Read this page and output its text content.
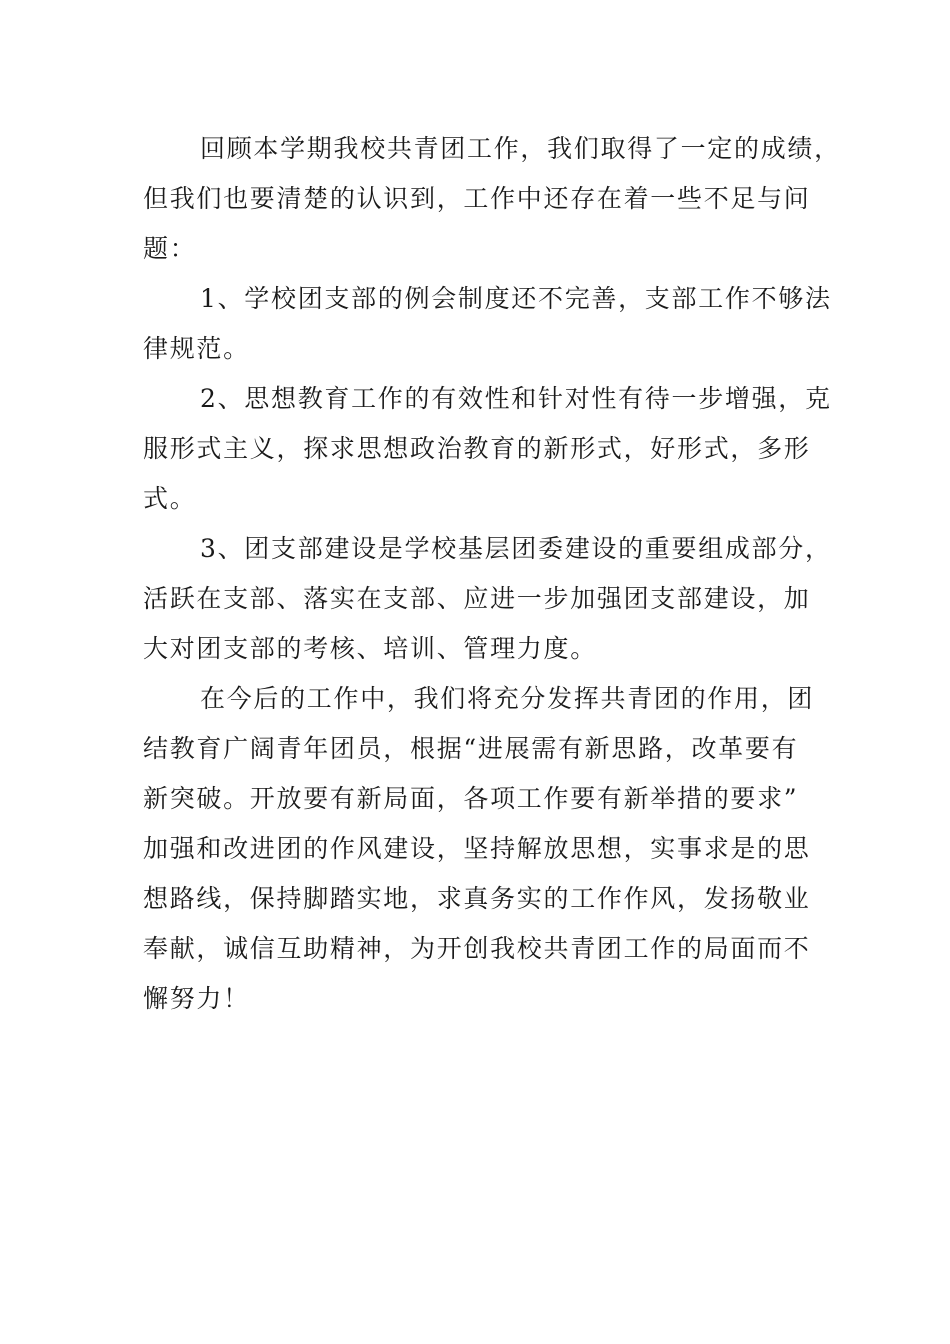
回顾本学期我校共青团工作，我们取得了一定的成绩，
但我们也要清楚的认识到，工作中还存在着一些不足与问
题：
1、学校团支部的例会制度还不完善，支部工作不够法
律规范。
2、思想教育工作的有效性和针对性有待一步增强，克
服形式主义，探求思想政治教育的新形式，好形式，多形
式。
3、团支部建设是学校基层团委建设的重要组成部分，
活跃在支部、落实在支部、应进一步加强团支部建设，加
大对团支部的考核、培训、管理力度。
在今后的工作中，我们将充分发挥共青团的作用，团
结教育广阔青年团员，根据“进展需有新思路，改革要有
新突破。开放要有新局面，各项工作要有新举措的要求”
加强和改进团的作风建设，坚持解放思想，实事求是的思
想路线，保持脚踏实地，求真务实的工作作风，发扬敬业
奉献，诚信互助精神，为开创我校共青团工作的局面而不
懈努力！
